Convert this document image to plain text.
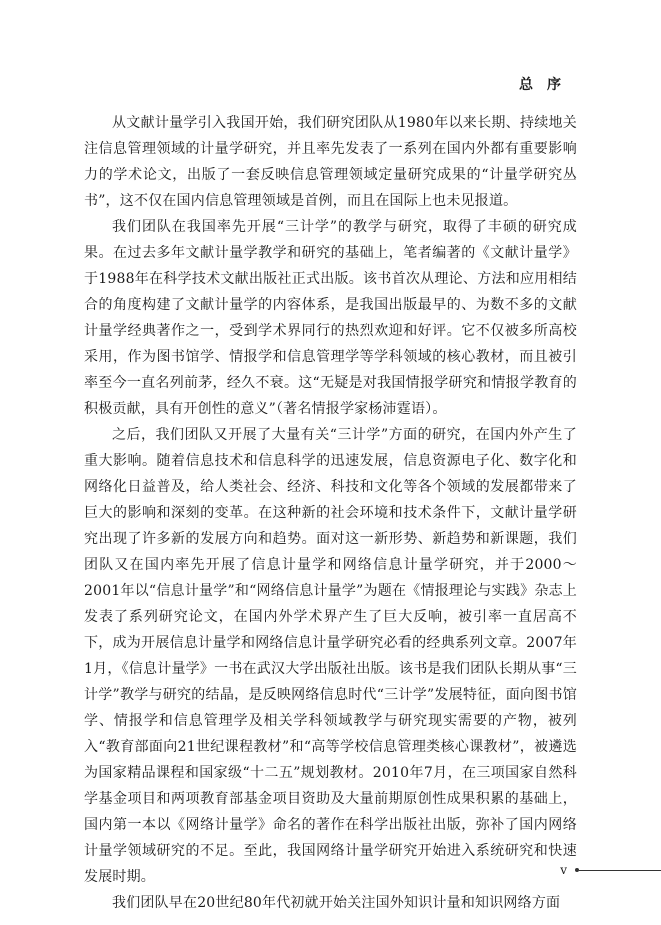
总序

从文献计量学引入我国开始，我们研究团队从1980年以来长期、持续地关注信息管理领域的计量学研究，并且率先发表了一系列在国内外都有重要影响力的学术论文，出版了一套反映信息管理领域定量研究成果的“计量学研究丛书”，这不仅在国内信息管理领域是首例，而且在国际上也未见报道。

我们团队在我国率先开展“三计学”的教学与研究，取得了丰硕的研究成果。在过去多年文献计量学教学和研究的基础上，笔者编著的《文献计量学》于1988年在科学技术文献出版社正式出版。该书首次从理论、方法和应用相结合的角度构建了文献计量学的内容体系，是我国出版最早的、为数不多的文献计量学经典著作之一，受到学术界同行的热烈欢迎和好评。它不仅被多所高校采用，作为图书馆学、情报学和信息管理学等学科领域的核心教材，而且被引率至今一直名列前茅，经久不衰。这“无疑是对我国情报学研究和情报学教育的积极贡献，具有开创性的意义”（著名情报学家杨沛霆语）。

之后，我们团队又开展了大量有关“三计学”方面的研究，在国内外产生了重大影响。随着信息技术和信息科学的迅速发展，信息资源电子化、数字化和网络化日益普及，给人类社会、经济、科技和文化等各个领域的发展都带来了巨大的影响和深刻的变革。在这种新的社会环境和技术条件下，文献计量学研究出现了许多新的发展方向和趋势。面对这一新形势、新趋势和新课题，我们团队又在国内率先开展了信息计量学和网络信息计量学研究，并于2000～2001年以“信息计量学”和“网络信息计量学”为题在《情报理论与实践》杂志上发表了系列研究论文，在国内外学术界产生了巨大反响，被引率一直居高不下，成为开展信息计量学和网络信息计量学研究必看的经典系列文章。2007年1月，《信息计量学》一书在武汉大学出版社出版。该书是我们团队长期从事“三计学”教学与研究的结晶，是反映网络信息时代“三计学”发展特征，面向图书馆学、情报学和信息管理学及相关学科领域教学与研究现实需要的产物，被列入“教育部面向21世纪课程教材”和“高等学校信息管理类核心课教材”，被遴选为国家精品课程和国家级“十二五”规划教材。2010年7月，在三项国家自然科学基金项目和两项教育部基金项目资助及大量前期原创性成果积累的基础上，国内第一本以《网络计量学》命名的著作在科学出版社出版，弥补了国内网络计量学领域研究的不足。至此，我国网络计量学研究开始进入系统研究和快速发展时期。

我们团队早在20世纪80年代初就开始关注国外知识计量和知识网络方面

v
